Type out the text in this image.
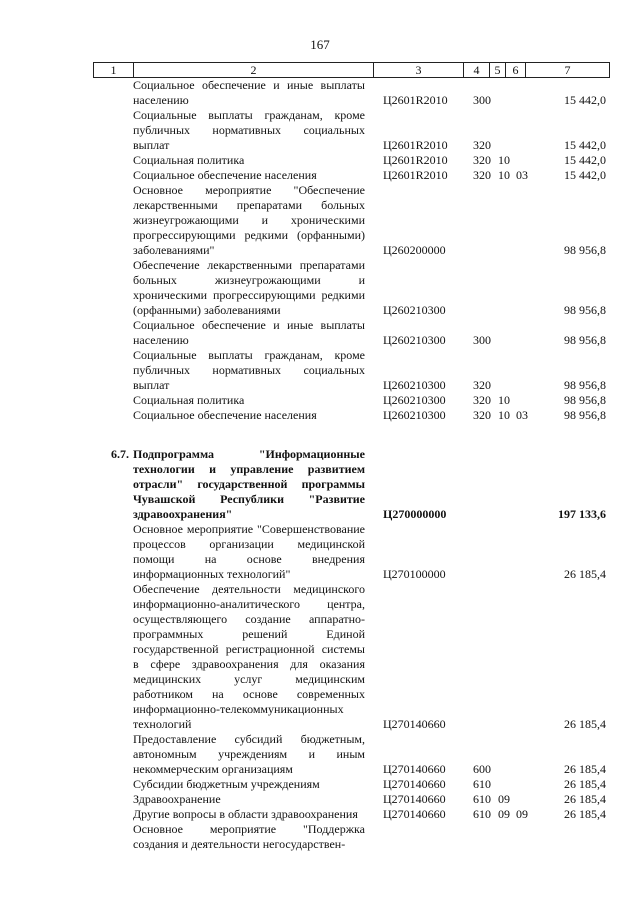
167
1	2	3	4	5	6	7
Социальное обеспечение и иные выплаты населению	Ц2601R2010 300	15 442,0
Социальные выплаты гражданам, кроме публичных нормативных социальных выплат	Ц2601R2010 320	15 442,0
Социальная политика	Ц2601R2010 320 10	15 442,0
Социальное обеспечение населения	Ц2601R2010 320 10 03	15 442,0
Основное мероприятие "Обеспечение лекарственными препаратами больных жизнеугрожающими и хроническими прогрессирующими редкими (орфанными) заболеваниями"	Ц260200000	98 956,8
Обеспечение лекарственными препаратами больных жизнеугрожающими и хроническими прогрессирующими редкими (орфанными) заболеваниями	Ц260210300	98 956,8
Социальное обеспечение и иные выплаты населению	Ц260210300 300	98 956,8
Социальные выплаты гражданам, кроме публичных нормативных социальных выплат	Ц260210300 320	98 956,8
Социальная политика	Ц260210300 320 10	98 956,8
Социальное обеспечение населения	Ц260210300 320 10 03	98 956,8
6.7. Подпрограмма "Информационные технологии и управление развитием отрасли" государственной программы Чувашской Республики "Развитие здравоохранения"	Ц270000000	197 133,6
Основное мероприятие "Совершенствование процессов организации медицинской помощи на основе внедрения информационных технологий"	Ц270100000	26 185,4
Обеспечение деятельности медицинского информационно-аналитического центра, осуществляющего создание аппаратно-программных решений Единой государственной регистрационной системы в сфере здравоохранения для оказания медицинских услуг медицинским работником на основе современных информационно-телекоммуникационных технологий	Ц270140660	26 185,4
Предоставление субсидий бюджетным, автономным учреждениям и иным некоммерческим организациям	Ц270140660 600	26 185,4
Субсидии бюджетным учреждениям	Ц270140660 610	26 185,4
Здравоохранение	Ц270140660 610 09	26 185,4
Другие вопросы в области здравоохранения	Ц270140660 610 09 09	26 185,4
Основное мероприятие "Поддержка создания и деятельности негосударствен-
